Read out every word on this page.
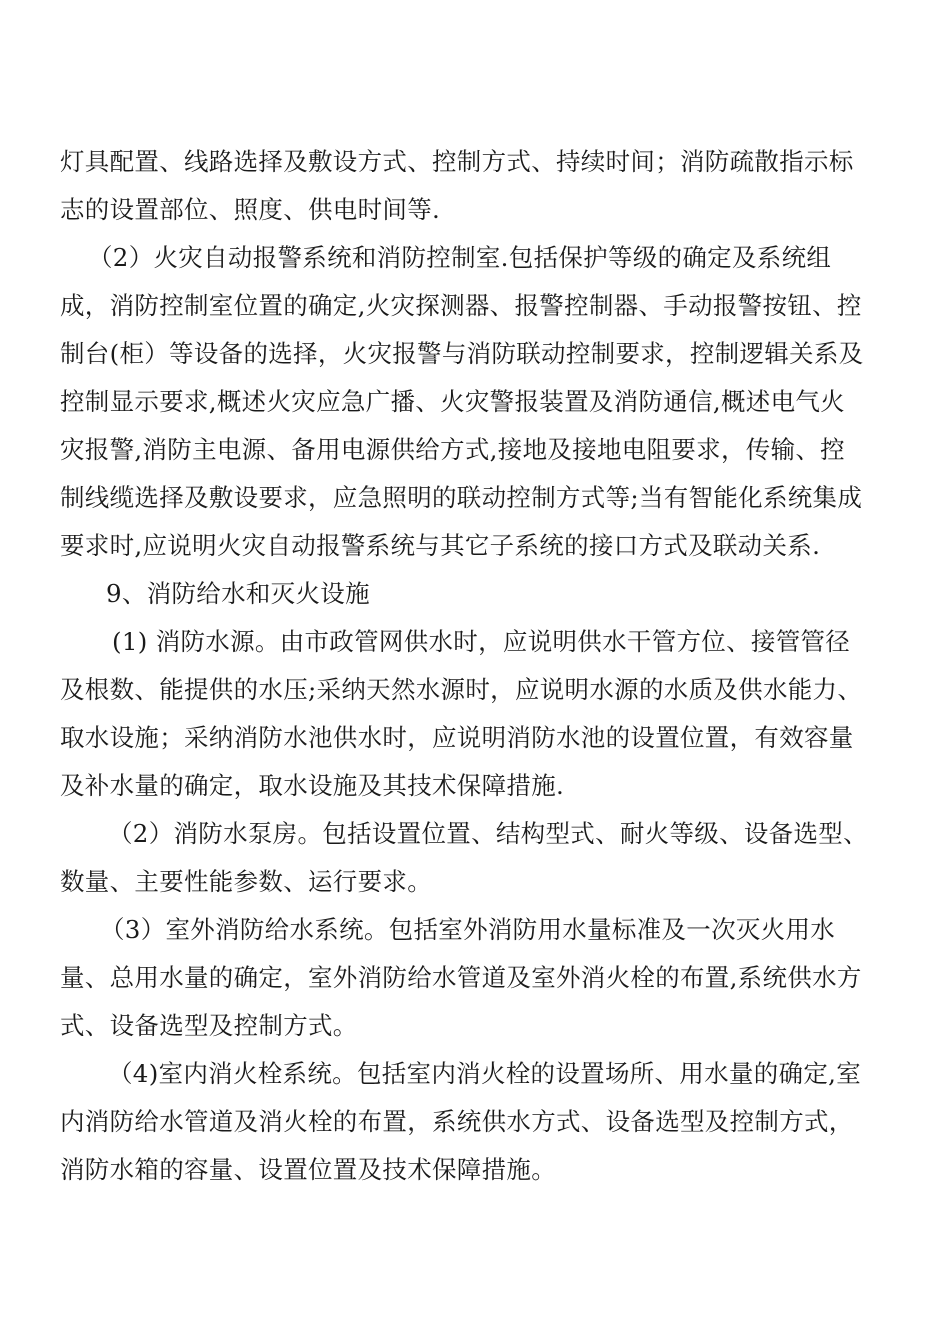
灯具配置、线路选择及敷设方式、控制方式、持续时间；消防疏散指示标

志的设置部位、照度、供电时间等.

（2）火灾自动报警系统和消防控制室.包括保护等级的确定及系统组

成，消防控制室位置的确定,火灾探测器、报警控制器、手动报警按钮、控

制台(柜）等设备的选择，火灾报警与消防联动控制要求，控制逻辑关系及

控制显示要求,概述火灾应急广播、火灾警报装置及消防通信,概述电气火

灾报警,消防主电源、备用电源供给方式,接地及接地电阻要求，传输、控

制线缆选择及敷设要求，应急照明的联动控制方式等;当有智能化系统集成

要求时,应说明火灾自动报警系统与其它子系统的接口方式及联动关系.

9、消防给水和灭火设施

(1) 消防水源。由市政管网供水时，应说明供水干管方位、接管管径

及根数、能提供的水压;采纳天然水源时，应说明水源的水质及供水能力、

取水设施；采纳消防水池供水时，应说明消防水池的设置位置，有效容量

及补水量的确定，取水设施及其技术保障措施.

（2）消防水泵房。包括设置位置、结构型式、耐火等级、设备选型、

数量、主要性能参数、运行要求。

（3）室外消防给水系统。包括室外消防用水量标准及一次灭火用水

量、总用水量的确定，室外消防给水管道及室外消火栓的布置,系统供水方

式、设备选型及控制方式。

（4)室内消火栓系统。包括室内消火栓的设置场所、用水量的确定,室

内消防给水管道及消火栓的布置，系统供水方式、设备选型及控制方式，

消防水箱的容量、设置位置及技术保障措施。
